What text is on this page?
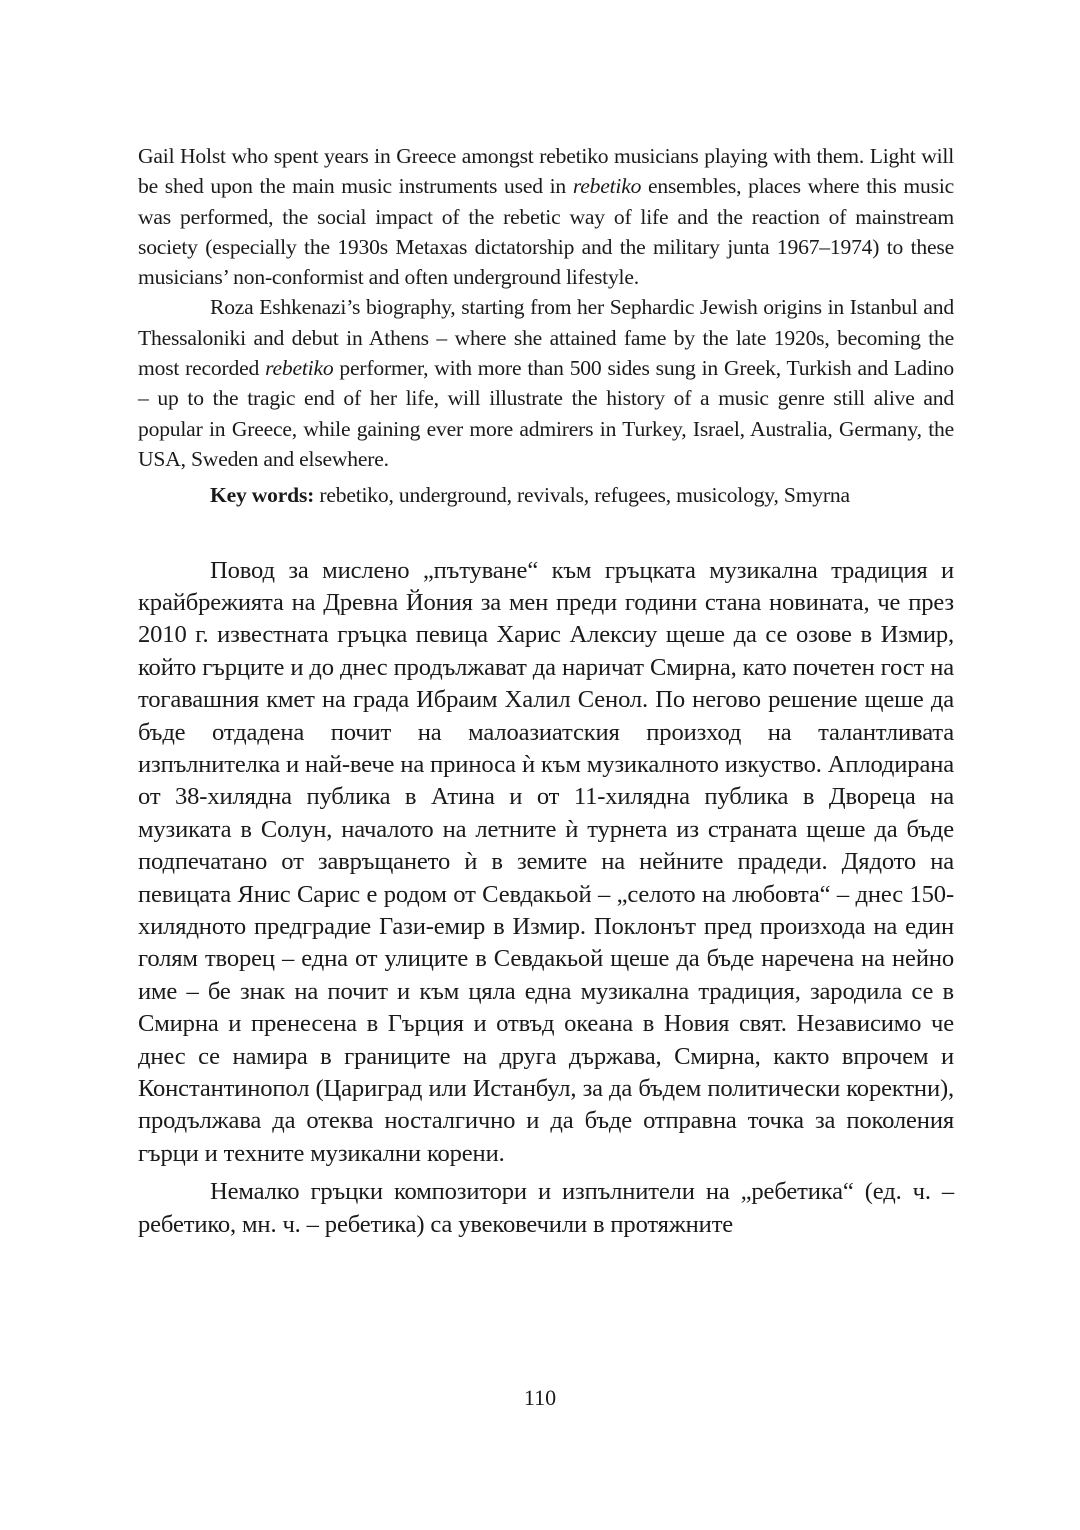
Gail Holst who spent years in Greece amongst rebetiko musicians playing with them. Light will be shed upon the main music instruments used in rebetiko ensembles, places where this music was performed, the social impact of the rebetic way of life and the reaction of mainstream society (especially the 1930s Metaxas dictatorship and the military junta 1967–1974) to these musicians’ non-conformist and often underground lifestyle.

Roza Eshkenazi’s biography, starting from her Sephardic Jewish origins in Istanbul and Thessaloniki and debut in Athens – where she attained fame by the late 1920s, becoming the most recorded rebetiko performer, with more than 500 sides sung in Greek, Turkish and Ladino – up to the tragic end of her life, will illustrate the history of a music genre still alive and popular in Greece, while gaining ever more admirers in Turkey, Israel, Australia, Germany, the USA, Sweden and elsewhere.

Key words: rebetiko, underground, revivals, refugees, musicology, Smyrna

Повод за мислено „пътуване“ към гръцката музикална традиция и крайбрежията на Древна Йония за мен преди години стана новината, че през 2010 г. известната гръцка певица Харис Алексиу щеше да се озове в Измир, който гърците и до днес продължават да наричат Смирна, като почетен гост на тогавашния кмет на града Ибраим Халил Сенол. По негово решение щеше да бъде отдадена почит на малоазиатския произход на талантливата изпълнителка и най-вече на приноса ѝ към музикалното изкуство. Аплодирана от 38-хилядна публика в Атина и от 11-хилядна публика в Двореца на музиката в Солун, началото на летните ѝ турнета из страната щеше да бъде подпечатано от завръщането ѝ в земите на нейните прадеди. Дядото на певицата Янис Сарис е родом от Севдакьой – „селото на любовта“ – днес 150-хилядното предградие Гази-емир в Измир. Поклонът пред произхода на един голям творец – една от улиците в Севдакьой щеше да бъде наречена на нейно име – бе знак на почит и към цяла една музикална традиция, зародила се в Смирна и пренесена в Гърция и отвъд океана в Новия свят. Независимо че днес се намира в границите на друга държава, Смирна, както впрочем и Константинопол (Цариград или Истанбул, за да бъдем политически коректни), продължава да отеква носталгично и да бъде отправна точка за поколения гърци и техните музикални корени.

Немалко гръцки композитори и изпълнители на „ребетика“ (ед. ч. – ребетико, мн. ч. – ребетика) са увековечили в протяжните

110
